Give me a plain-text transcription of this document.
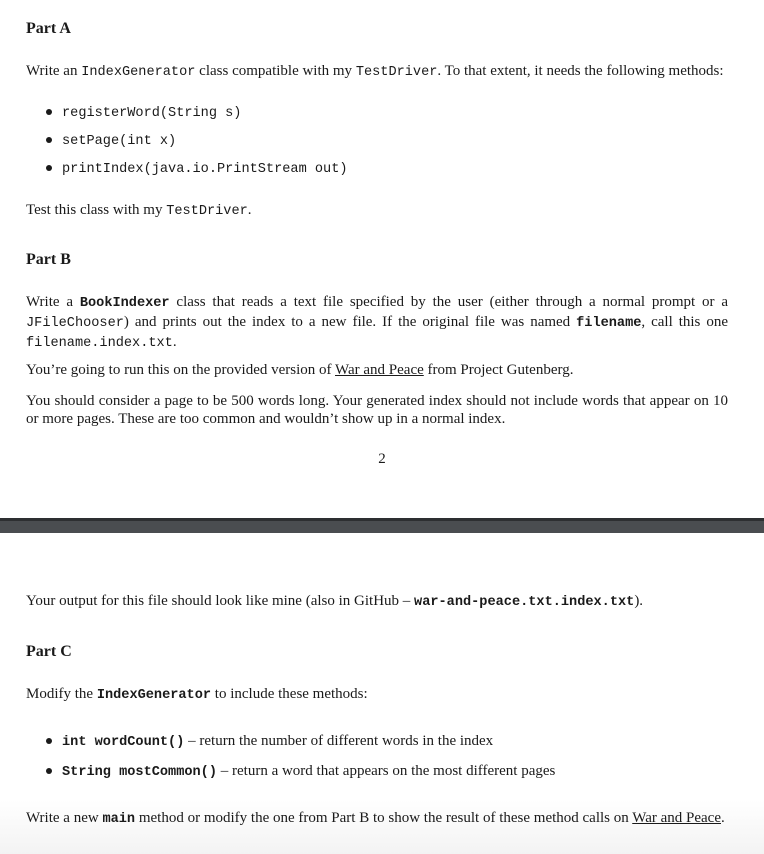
Part A

Write an IndexGenerator class compatible with my TestDriver. To that extent, it needs the following methods:

registerWord(String s)
setPage(int x)
printIndex(java.io.PrintStream out)

Test this class with my TestDriver.

Part B

Write a BookIndexer class that reads a text file specified by the user (either through a normal prompt or a JFileChooser) and prints out the index to a new file. If the original file was named filename, call this one filename.index.txt.

You’re going to run this on the provided version of War and Peace from Project Gutenberg.

You should consider a page to be 500 words long. Your generated index should not include words that appear on 10 or more pages. These are too common and wouldn’t show up in a normal index.

2

Your output for this file should look like mine (also in GitHub – war-and-peace.txt.index.txt).

Part C

Modify the IndexGenerator to include these methods:

int wordCount() – return the number of different words in the index
String mostCommon() – return a word that appears on the most different pages

Write a new main method or modify the one from Part B to show the result of these method calls on War and Peace.
